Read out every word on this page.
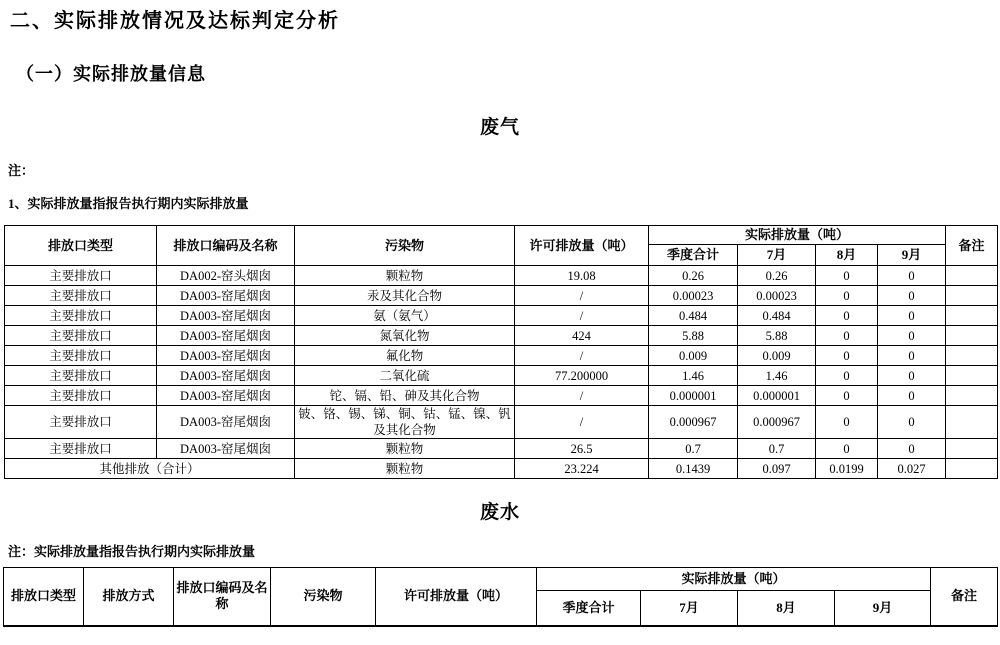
二、实际排放情况及达标判定分析
（一）实际排放量信息
废气
注：
1、实际排放量指报告执行期内实际排放量
排放口类型	排放口编码及名称	污染物	许可排放量（吨）	实际排放量（吨）				备注
				季度合计	7月	8月	9月	
主要排放口	DA002-窑头烟囱	颗粒物	19.08	0.26	0.26	0	0	
主要排放口	DA003-窑尾烟囱	汞及其化合物	/	0.00023	0.00023	0	0	
主要排放口	DA003-窑尾烟囱	氨（氨气）	/	0.484	0.484	0	0	
主要排放口	DA003-窑尾烟囱	氮氧化物	424	5.88	5.88	0	0	
主要排放口	DA003-窑尾烟囱	氟化物	/	0.009	0.009	0	0	
主要排放口	DA003-窑尾烟囱	二氧化硫	77.200000	1.46	1.46	0	0	
主要排放口	DA003-窑尾烟囱	铊、镉、铅、砷及其化合物	/	0.000001	0.000001	0	0	
主要排放口	DA003-窑尾烟囱	铍、铬、锡、锑、铜、钴、锰、镍、钒及其化合物	/	0.000967	0.000967	0	0	
主要排放口	DA003-窑尾烟囱	颗粒物	26.5	0.7	0.7	0	0	
其他排放（合计）		颗粒物	23.224	0.1439	0.097	0.0199	0.027	
废水
注：实际排放量指报告执行期内实际排放量
排放口类型	排放方式	排放口编码及名称	污染物	许可排放量（吨）	实际排放量（吨）				备注
					季度合计	7月	8月	9月	
